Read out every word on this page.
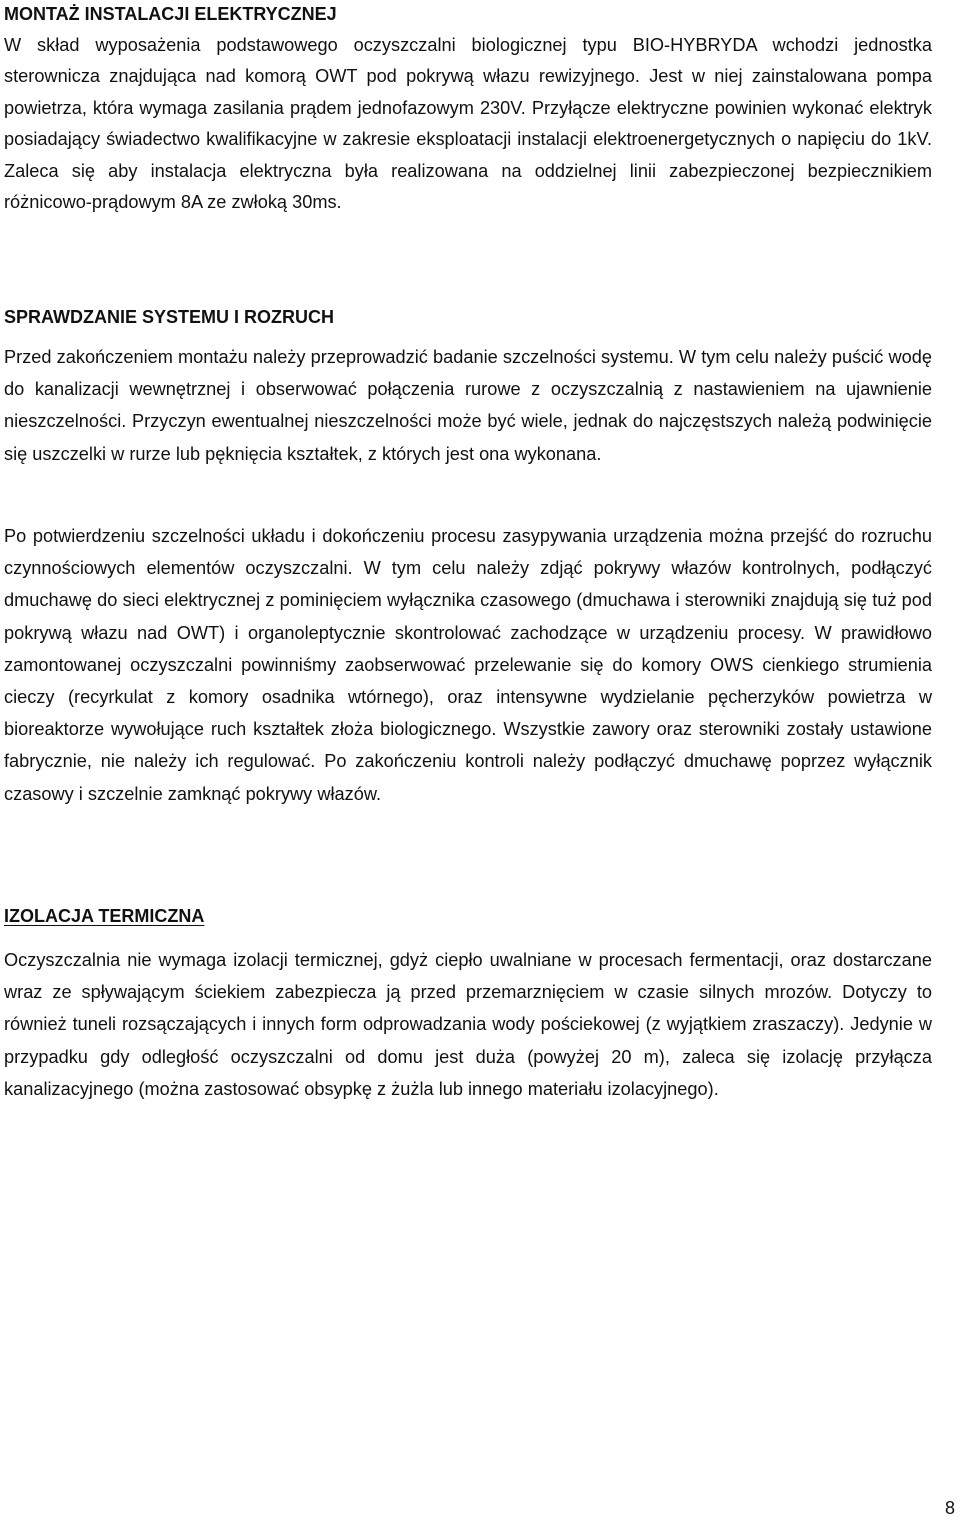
MONTAŻ INSTALACJI ELEKTRYCZNEJ

W skład wyposażenia podstawowego oczyszczalni biologicznej typu BIO-HYBRYDA wchodzi jednostka sterownicza znajdująca nad komorą OWT pod pokrywą włazu rewizyjnego. Jest w niej zainstalowana pompa powietrza, która wymaga zasilania prądem jednofazowym 230V. Przyłącze elektryczne powinien wykonać elektryk posiadający świadectwo kwalifikacyjne w zakresie eksploatacji instalacji elektroenergetycznych o napięciu do 1kV. Zaleca się aby instalacja elektryczna była realizowana na oddzielnej linii zabezpieczonej bezpiecznikiem różnicowo-prądowym 8A ze zwłoką 30ms.

SPRAWDZANIE SYSTEMU I ROZRUCH

Przed zakończeniem montażu należy przeprowadzić badanie szczelności systemu. W tym celu należy puścić wodę do kanalizacji wewnętrznej i obserwować połączenia rurowe z oczyszczalnią z nastawieniem na ujawnienie nieszczelności. Przyczyn ewentualnej nieszczelności może być wiele, jednak do najczęstszych należą podwinięcie się uszczelki w rurze lub pęknięcia kształtek, z których jest ona wykonana.

Po potwierdzeniu szczelności układu i dokończeniu procesu zasypywania urządzenia można przejść do rozruchu czynnościowych elementów oczyszczalni. W tym celu należy zdjąć pokrywy włazów kontrolnych, podłączyć dmuchawę do sieci elektrycznej z pominięciem wyłącznika czasowego (dmuchawa i sterowniki znajdują się tuż pod pokrywą włazu nad OWT) i organoleptycznie skontrolować zachodzące w urządzeniu procesy. W prawidłowo zamontowanej oczyszczalni powinniśmy zaobserwować przelewanie się do komory OWS cienkiego strumienia cieczy (recyrkulat z komory osadnika wtórnego), oraz intensywne wydzielanie pęcherzyków powietrza w bioreaktorze wywołujące ruch kształtek złoża biologicznego. Wszystkie zawory oraz sterowniki zostały ustawione fabrycznie, nie należy ich regulować. Po zakończeniu kontroli należy podłączyć dmuchawę poprzez wyłącznik czasowy i szczelnie zamknąć pokrywy włazów.

IZOLACJA TERMICZNA

Oczyszczalnia nie wymaga izolacji termicznej, gdyż ciepło uwalniane w procesach fermentacji, oraz dostarczane wraz ze spływającym ściekiem zabezpiecza ją przed przemarznięciem w czasie silnych mrozów. Dotyczy to również tuneli rozsączających i innych form odprowadzania wody pościekowej (z wyjątkiem zraszaczy). Jedynie w przypadku gdy odległość oczyszczalni od domu jest duża (powyżej 20 m), zaleca się izolację przyłącza kanalizacyjnego (można zastosować obsypkę z żużla lub innego materiału izolacyjnego).

8
